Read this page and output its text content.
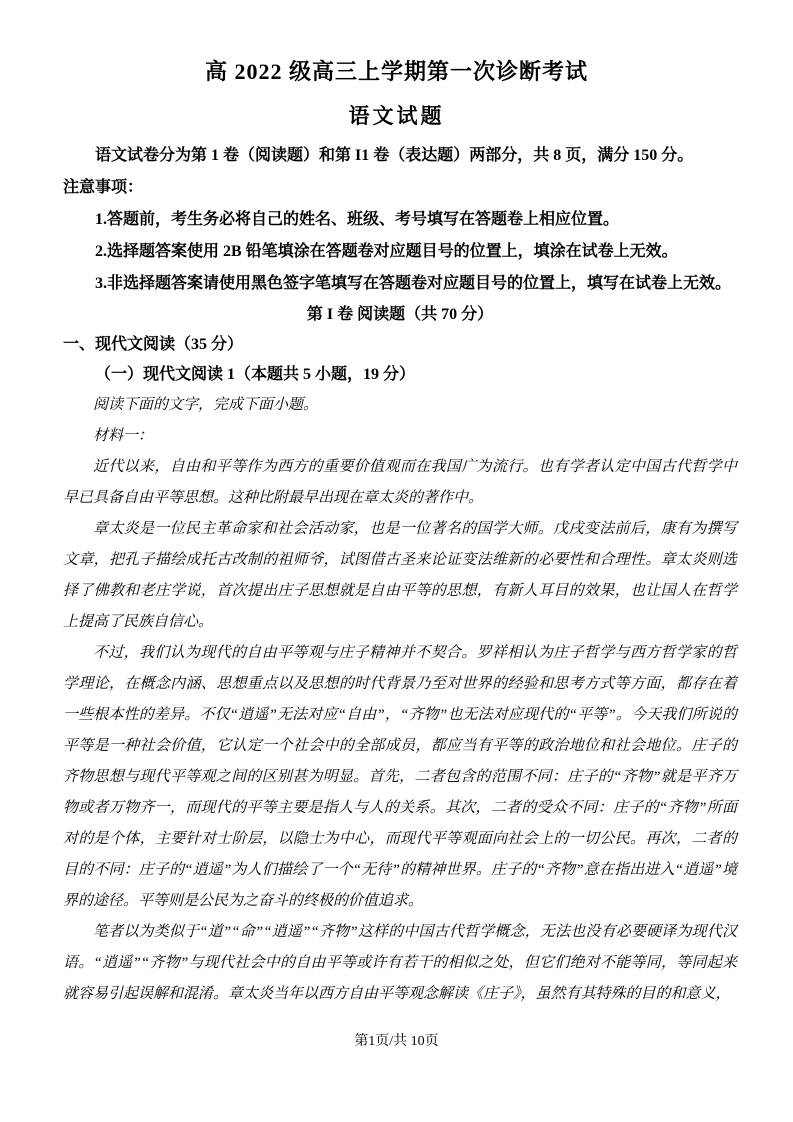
高 2022 级高三上学期第一次诊断考试
语文试题

语文试卷分为第 1 卷（阅读题）和第 I1 卷（表达题）两部分，共 8 页，满分 150 分。

注意事项：

1.答题前，考生务必将自己的姓名、班级、考号填写在答题卷上相应位置。

2.选择题答案使用 2B 铅笔填涂在答题卷对应题目号的位置上，填涂在试卷上无效。

3.非选择题答案请使用黑色签字笔填写在答题卷对应题目号的位置上，填写在试卷上无效。

第 I 卷 阅读题（共 70 分）

一、现代文阅读（35 分）

（一）现代文阅读 1（本题共 5 小题，19 分）

阅读下面的文字，完成下面小题。

材料一：

近代以来，自由和平等作为西方的重要价值观而在我国广为流行。也有学者认定中国古代哲学中早已具备自由平等思想。这种比附最早出现在章太炎的著作中。

章太炎是一位民主革命家和社会活动家，也是一位著名的国学大师。戊戌变法前后，康有为撰写文章，把孔子描绘成托古改制的祖师爷，试图借古圣来论证变法维新的必要性和合理性。章太炎则选择了佛教和老庄学说，首次提出庄子思想就是自由平等的思想，有新人耳目的效果，也让国人在哲学上提高了民族自信心。

不过，我们认为现代的自由平等观与庄子精神并不契合。罗祥相认为庄子哲学与西方哲学家的哲学理论，在概念内涵、思想重点以及思想的时代背景乃至对世界的经验和思考方式等方面，都存在着一些根本性的差异。不仅“逍遥”无法对应“自由”，“齐物”也无法对应现代的“平等”。今天我们所说的平等是一种社会价值，它认定一个社会中的全部成员，都应当有平等的政治地位和社会地位。庄子的齐物思想与现代平等观之间的区别甚为明显。首先，二者包含的范围不同：庄子的“齐物”就是平齐万物或者万物齐一，而现代的平等主要是指人与人的关系。其次，二者的受众不同：庄子的“齐物”所面对的是个体，主要针对士阶层，以隐士为中心，而现代平等观面向社会上的一切公民。再次，二者的目的不同：庄子的“逍遥”为人们描绘了一个“无待”的精神世界。庄子的“齐物”意在指出进入“逍遥”境界的途径。平等则是公民为之奋斗的终极的价值追求。

笔者以为类似于“道”“命”“逍遥”“齐物”这样的中国古代哲学概念，无法也没有必要硬译为现代汉语。“逍遥”“齐物”与现代社会中的自由平等或许有若干的相似之处，但它们绝对不能等同，等同起来就容易引起误解和混淆。章太炎当年以西方自由平等观念解读《庄子》，虽然有其特殊的目的和意义，

第1页/共 10页
